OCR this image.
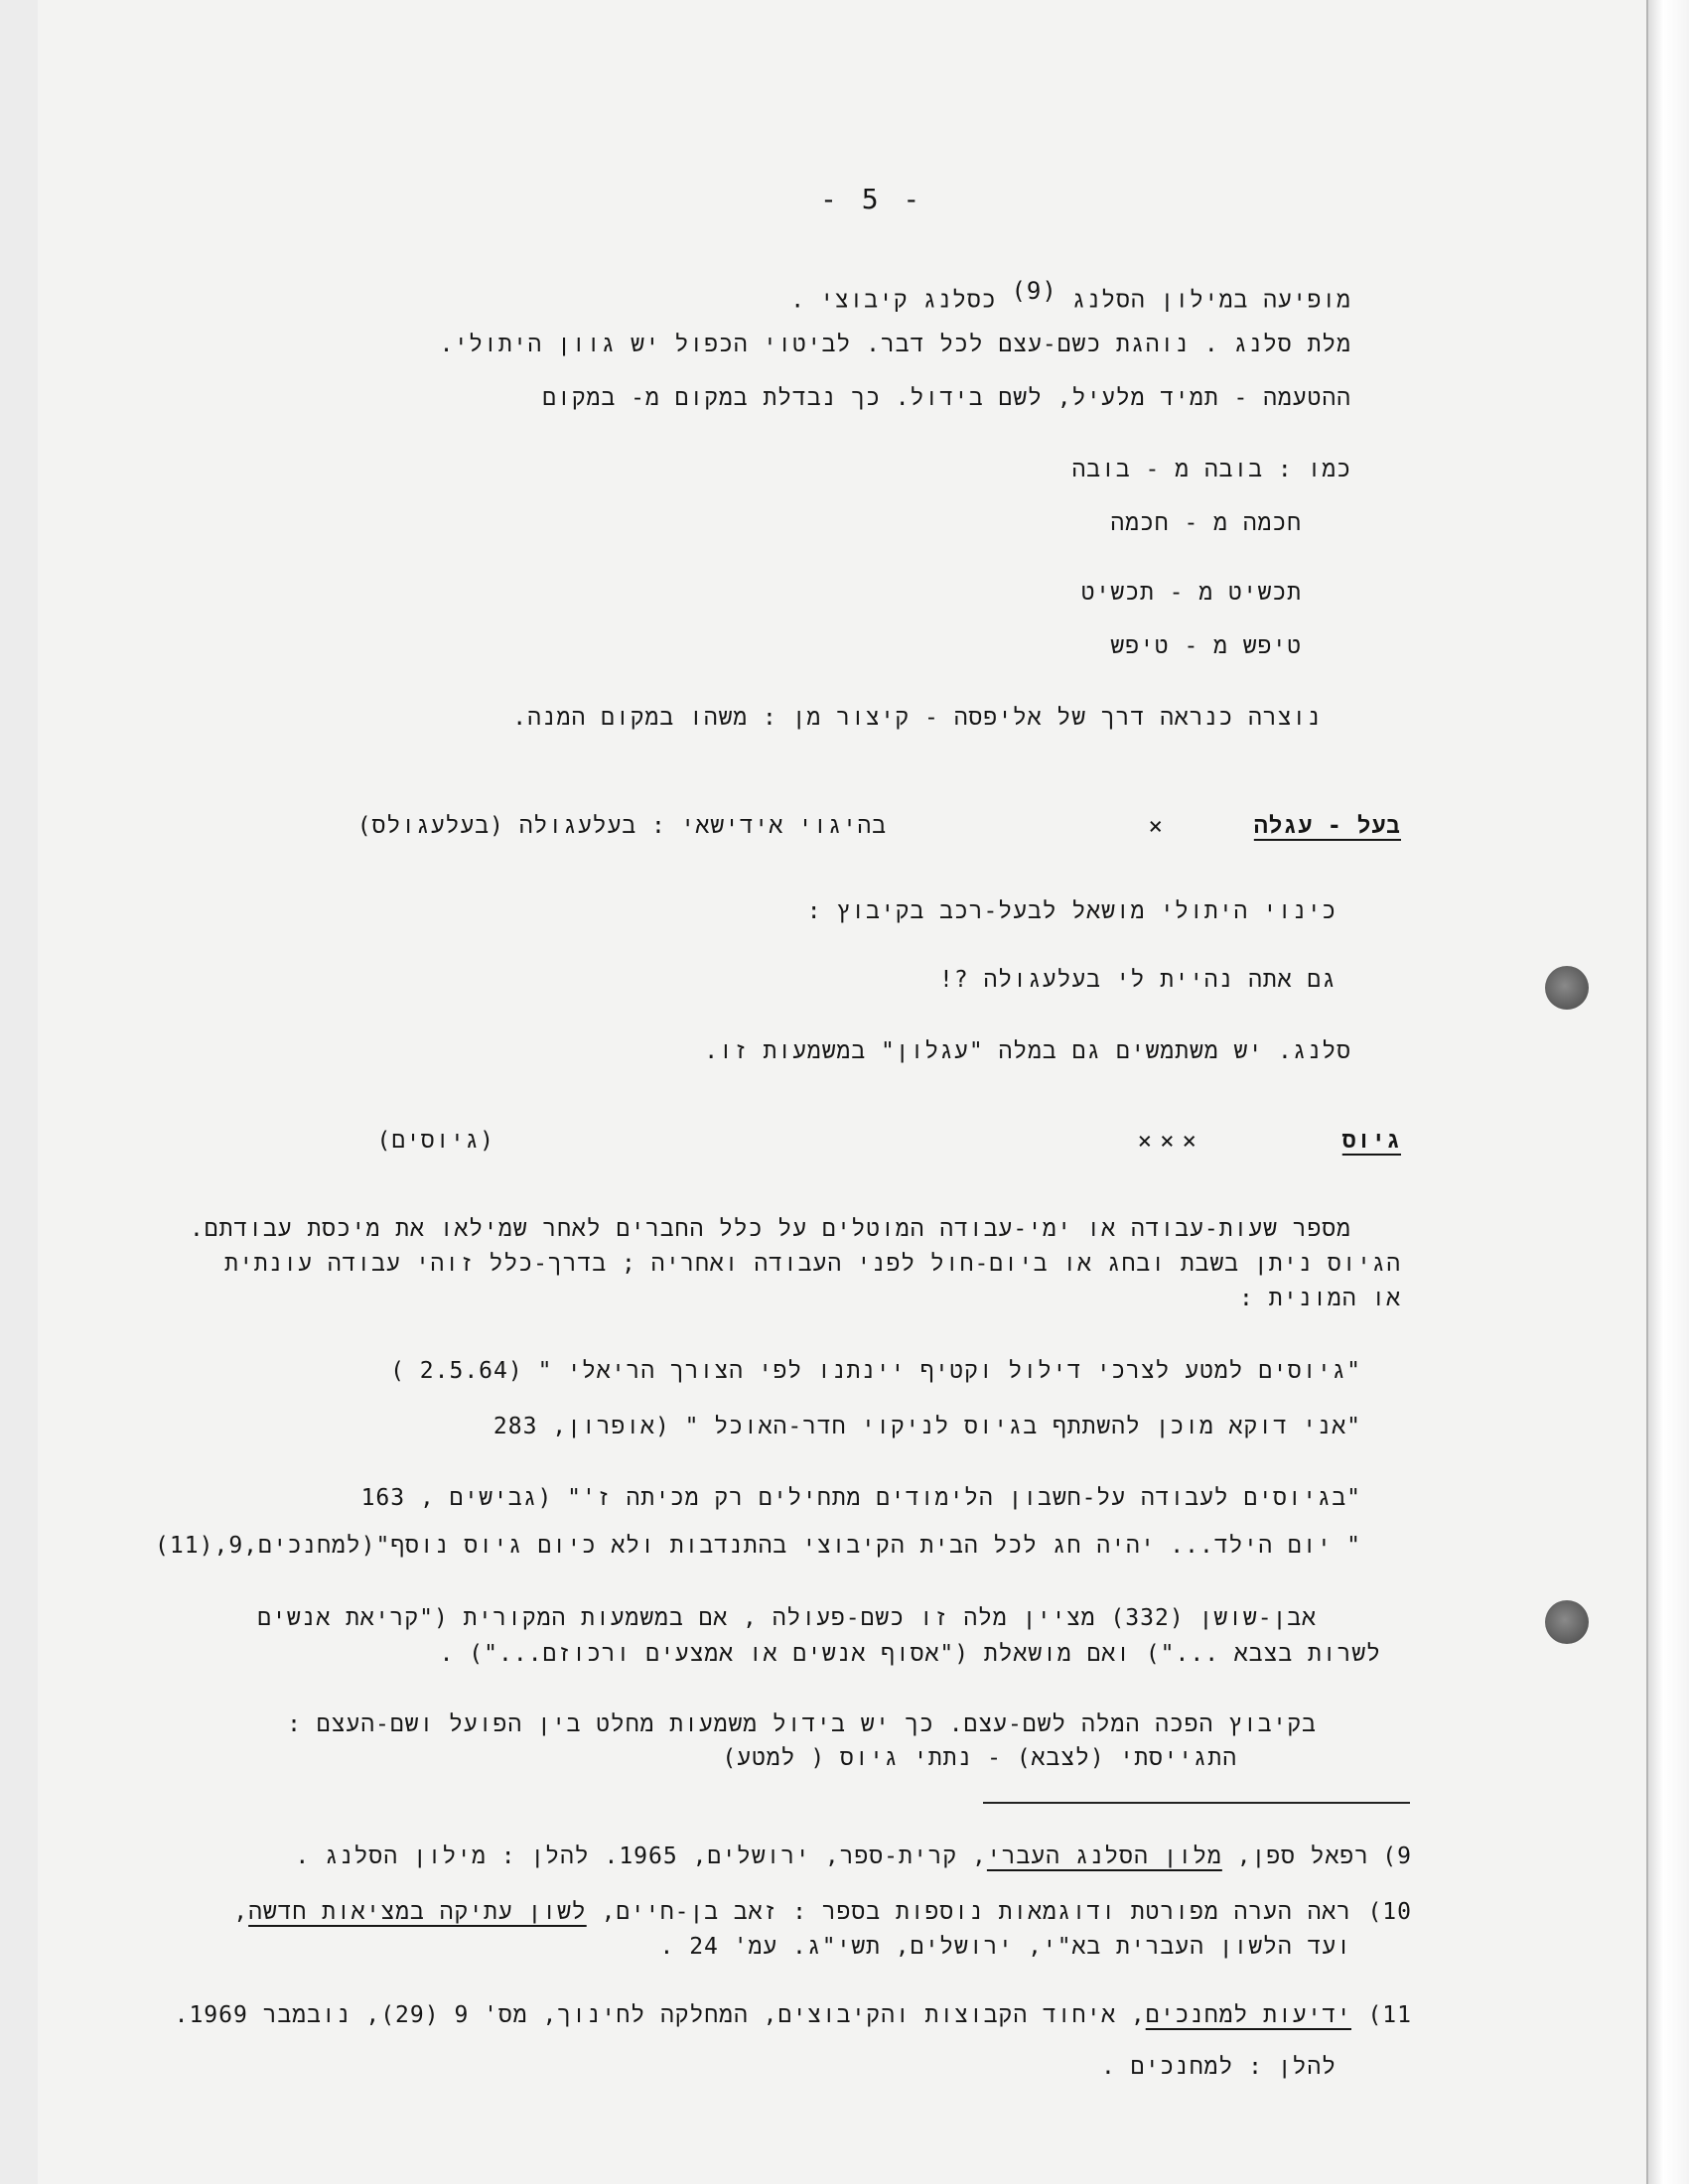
- 5 -
מופיעה במילון הסלנג $^{(9)}$ כסלנג קיבוצי .
מלת סלנג . נוהגת כשם-עצם לכל דבר. לביטוי הכפול יש גוון היתולי.
ההטעמה - תמיד מלעיל, לשם בידול. כך נבדלת במקום מ- במקום
כמו : בובה מ - בובה
חכמה מ - חכמה
תכשיט מ - תכשיט
טיפש מ - טיפש
נוצרה כנראה דרך של אליפסה - קיצור מן : משהו במקום המנה.
בעל - עגלה
×
בהיגוי אידישאי : בעלעגולה (בעלעגולס)
כינוי היתולי מושאל לבעל-רכב בקיבוץ :
גם אתה נהיית לי בעלעגולה ?!
סלנג. יש משתמשים גם במלה "עגלון" במשמעות זו.
גיוס
×××
(גיוסים)
מספר שעות-עבודה או ימי-עבודה המוטלים על כלל החברים לאחר שמילאו את מיכסת עבודתם.
הגיוס ניתן בשבת ובחג או ביום-חול לפני העבודה ואחריה ; בדרך-כלל זוהי עבודה עונתית
או המונית :
"גיוסים למטע לצרכי דילול וקטיף יינתנו לפי הצורך הריאלי " (2.5.64 )
"אני דוקא מוכן להשתתף בגיוס לניקוי חדר-האוכל " (אופרון, 283
"בגיוסים לעבודה על-חשבון הלימודים מתחילים רק מכיתה ז'" (גבישים , 163
" יום הילד... יהיה חג לכל הבית הקיבוצי בהתנדבות ולא כיום גיוס נוסף"(למחנכים,9,(11)
אבן-שושן (332) מציין מלה זו כשם-פעולה , אם במשמעות המקורית ("קריאת אנשים
לשרות בצבא ...") ואם מושאלת ("אסוף אנשים או אמצעים ורכוזם...") .
בקיבוץ הפכה המלה לשם-עצם. כך יש בידול משמעות מחלט בין הפועל ושם-העצם :
התגייסתי (לצבא) - נתתי גיוס ( למטע)
9)
רפאל ספן, מלון הסלנג העברי, קרית-ספר, ירושלים, 1965. להלן : מילון הסלנג .
10)
ראה הערה מפורטת ודוגמאות נוספות בספר : זאב בן-חיים, לשון עתיקה במציאות חדשה,
ועד הלשון העברית בא"י, ירושלים, תשי"ג. עמ' 24 .
11)
ידיעות למחנכים, איחוד הקבוצות והקיבוצים, המחלקה לחינוך, מס' 9 (29), נובמבר 1969.
להלן : למחנכים .
